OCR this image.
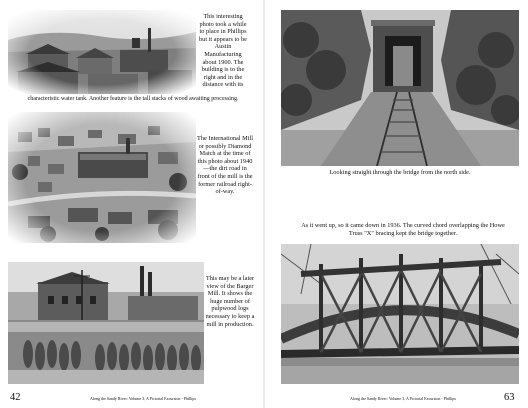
This interesting photo took a while to place in Phillips but it appears to be Austin Manufacturing about 1900. The building is to the right and in the distance with its
characteristic water tank. Another feature is the tall stacks of wood awaiting processing.
The International Mill or possibly Diamond Match at the time of this photo about 1940—the dirt road in front of the mill is the former railroad right-of-way.
This may be a later view of the Barger Mill. It shows the huge number of pulpwood logs necessary to keep a mill in production.
42	Along the Sandy River: Volume 3, A Pictorial Excursion - Phillips
Looking straight through the bridge from the north side.
As it went up, so it came down in 1936. The curved chord overlapping the Howe Truss "X" bracing kept the bridge together.
Along the Sandy River: Volume 3, A Pictorial Excursion - Phillips	63
